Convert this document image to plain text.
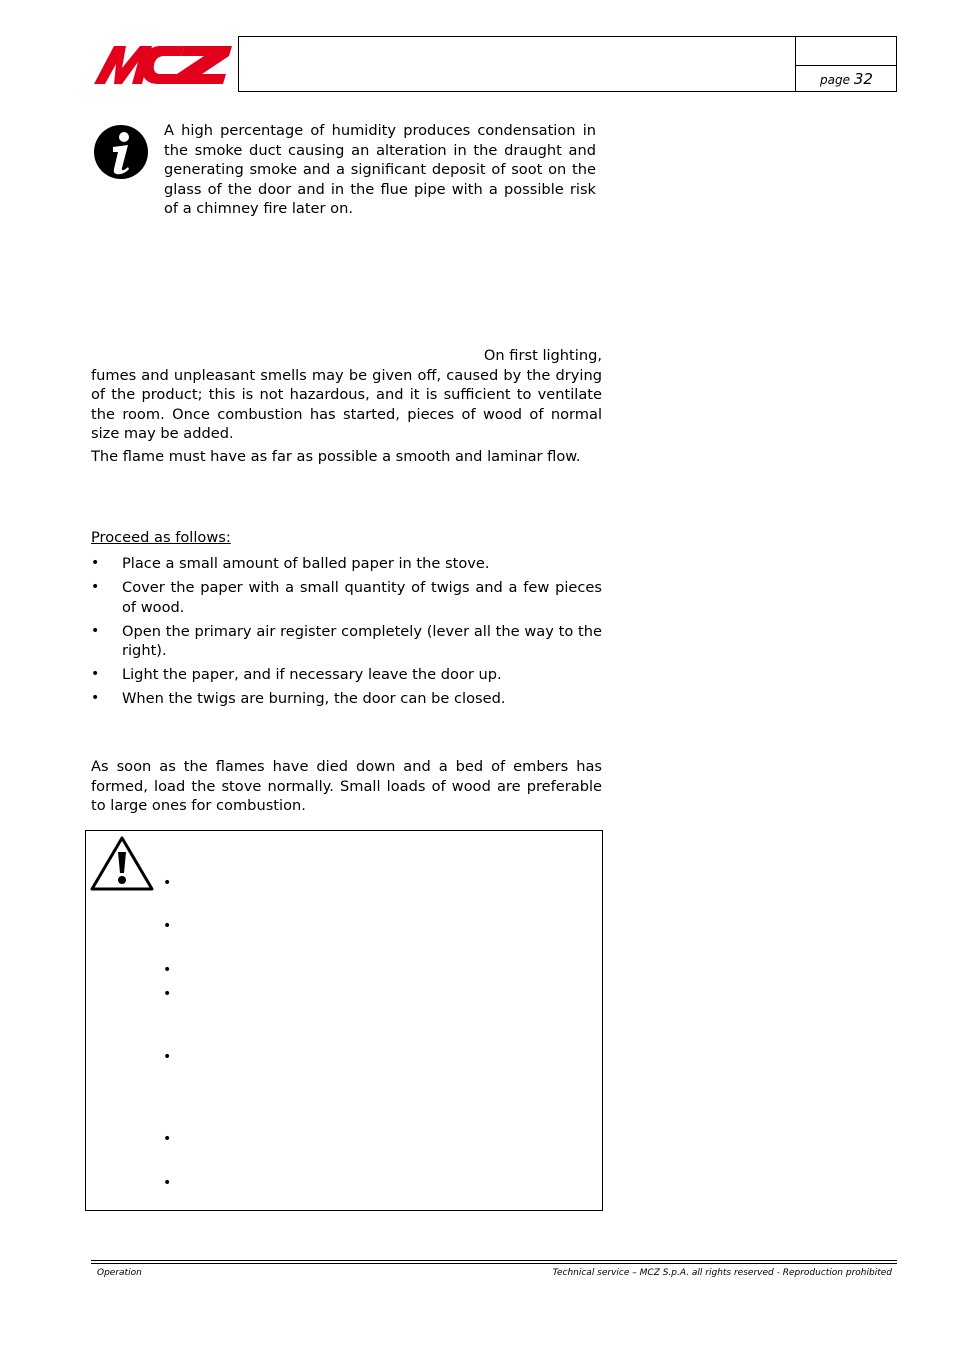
page 32
A high percentage of humidity produces condensation in the smoke duct causing an alteration in the draught and generating smoke and a significant deposit of soot on the glass of the door and in the flue pipe with a possible risk of a chimney fire later on.
On first lighting,
fumes and unpleasant smells may be given off, caused by the drying of the product; this is not hazardous, and it is sufficient to ventilate the room. Once combustion has started, pieces of wood of normal size may be added.
The flame must have as far as possible a smooth and laminar flow.
Proceed as follows:
• Place a small amount of balled paper in the stove.
• Cover the paper with a small quantity of twigs and a few pieces of wood.
• Open the primary air register completely (lever all the way to the right).
• Light the paper, and if necessary leave the door up.
• When the twigs are burning, the door can be closed.
As soon as the flames have died down and a bed of embers has formed, load the stove normally. Small loads of wood are preferable to large ones for combustion.
•
•
•
•
•
•
•
Operation	Technical service – MCZ S.p.A. all rights reserved - Reproduction prohibited
